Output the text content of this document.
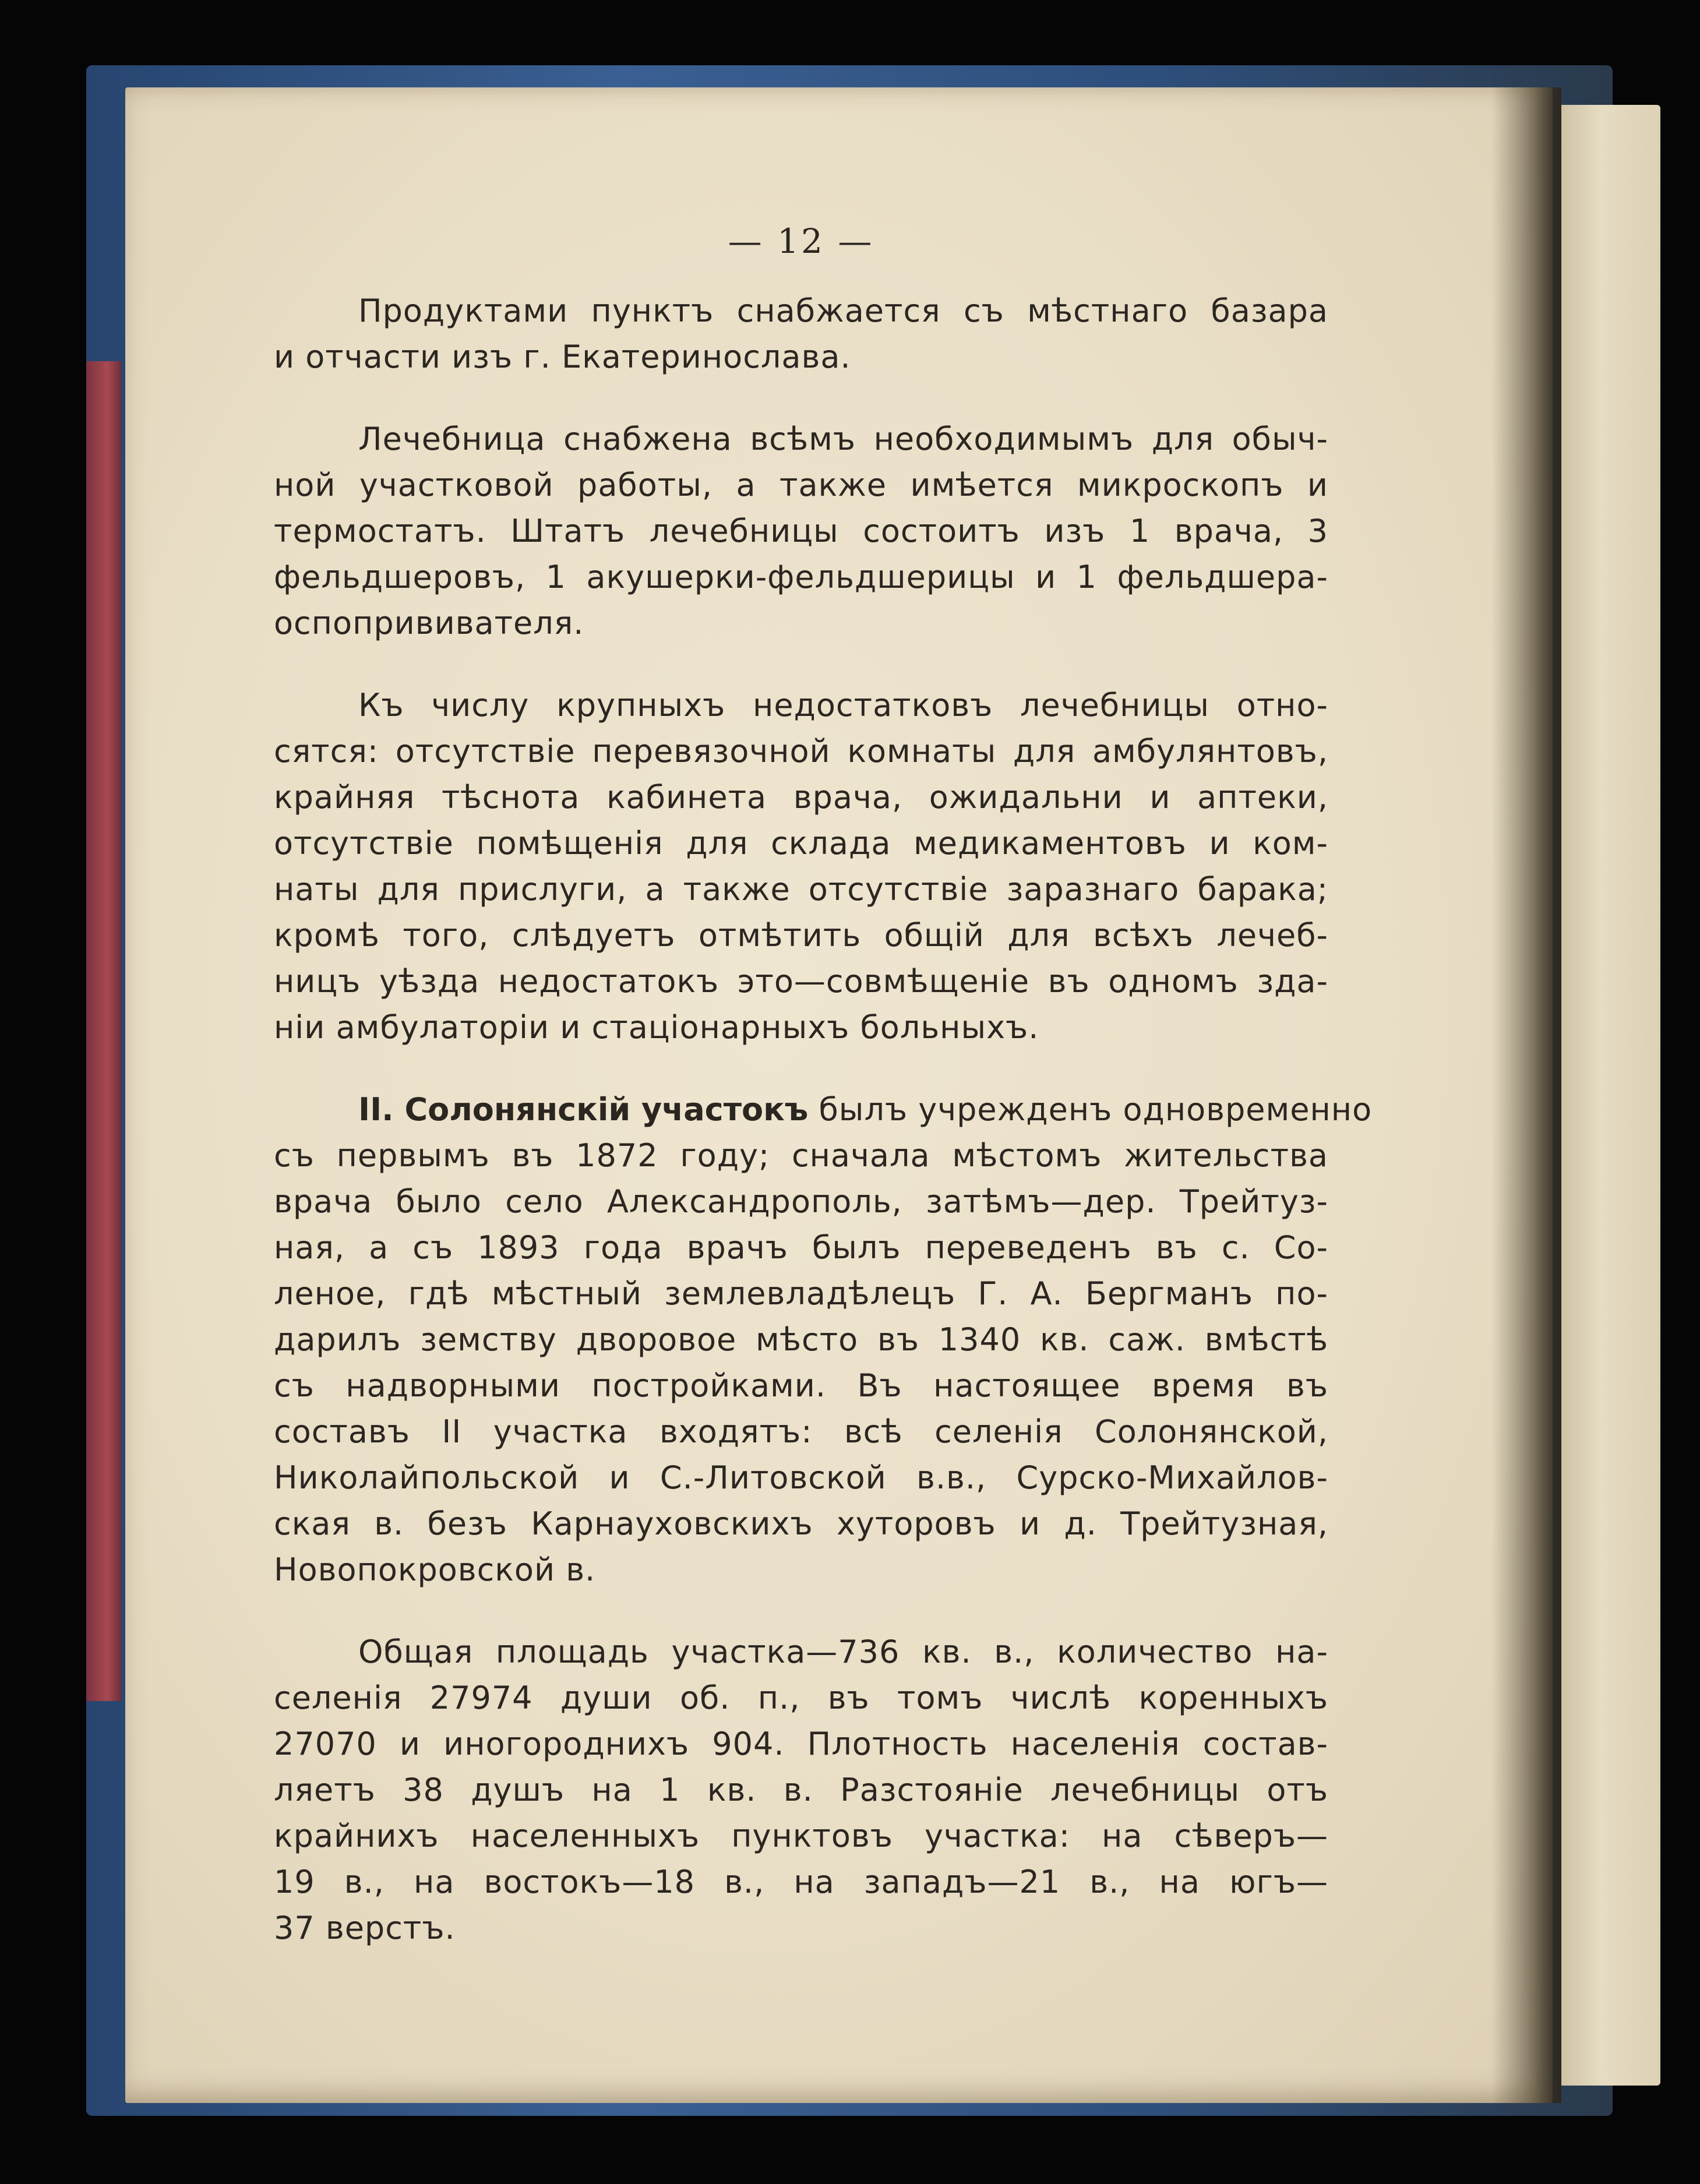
— 12 —
Продуктами пунктъ снабжается съ мѣстнаго базара
и отчасти изъ г. Екатеринослава.
Лечебница снабжена всѣмъ необходимымъ для обыч-
ной участковой работы, а также имѣется микроскопъ и
термостатъ. Штатъ лечебницы состоитъ изъ 1 врача, 3
фельдшеровъ, 1 акушерки-фельдшерицы и 1 фельдшера-
оспопрививателя.
Къ числу крупныхъ недостатковъ лечебницы отно-
сятся: отсутствіе перевязочной комнаты для амбулянтовъ,
крайняя тѣснота кабинета врача, ожидальни и аптеки,
отсутствіе помѣщенія для склада медикаментовъ и ком-
наты для прислуги, а также отсутствіе заразнаго барака;
кромѣ того, слѣдуетъ отмѣтить общій для всѣхъ лечеб-
ницъ уѣзда недостатокъ это—совмѣщеніе въ одномъ зда-
ніи амбулаторіи и стаціонарныхъ больныхъ.
II. Солонянскій участокъ былъ учрежденъ одновременно
съ первымъ въ 1872 году; сначала мѣстомъ жительства
врача было село Александрополь, затѣмъ—дер. Трейтуз-
ная, а съ 1893 года врачъ былъ переведенъ въ с. Со-
леное, гдѣ мѣстный землевладѣлецъ Г. А. Бергманъ по-
дарилъ земству дворовое мѣсто въ 1340 кв. саж. вмѣстѣ
съ надворными постройками. Въ настоящее время въ
составъ II участка входятъ: всѣ селенія Солонянской,
Николайпольской и С.-Литовской в.в., Сурско-Михайлов-
ская в. безъ Карнауховскихъ хуторовъ и д. Трейтузная,
Новопокровской в.
Общая площадь участка—736 кв. в., количество на-
селенія 27974 души об. п., въ томъ числѣ коренныхъ
27070 и иногороднихъ 904. Плотность населенія состав-
ляетъ 38 душъ на 1 кв. в. Разстояніе лечебницы отъ
крайнихъ населенныхъ пунктовъ участка: на сѣверъ—
19 в., на востокъ—18 в., на западъ—21 в., на югъ—
37 верстъ.
